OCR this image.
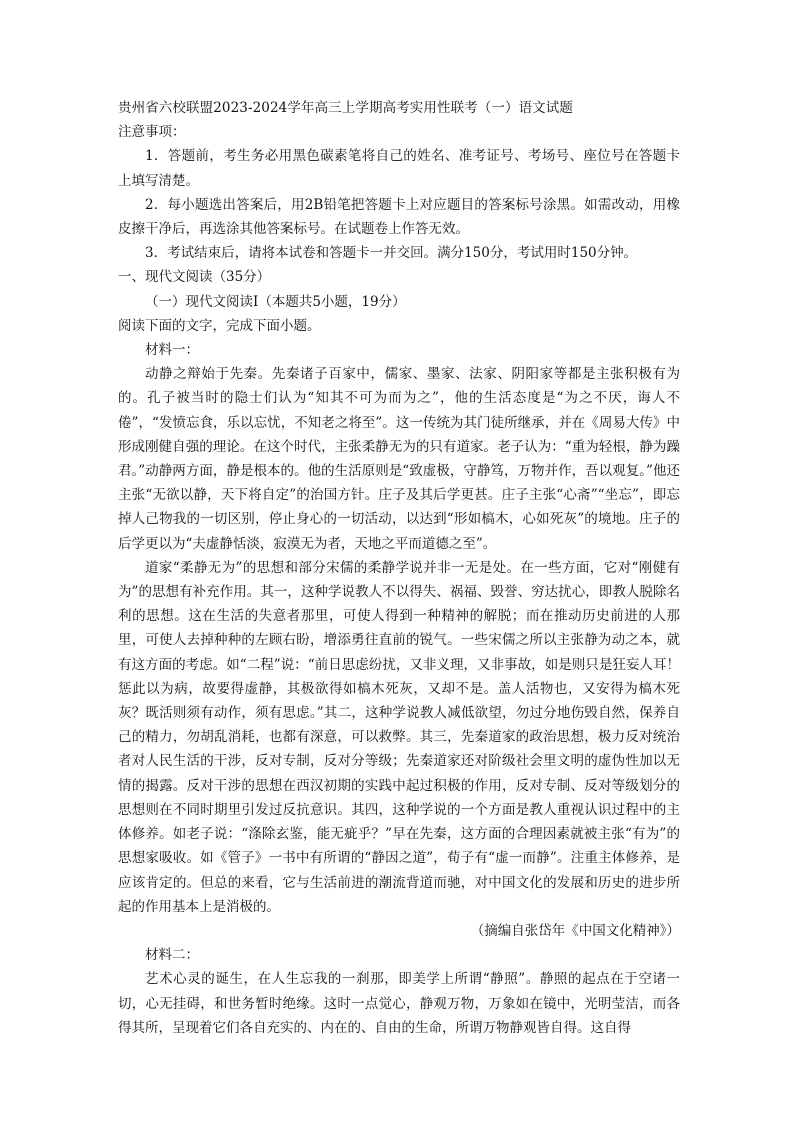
贵州省六校联盟2023-2024学年高三上学期高考实用性联考（一）语文试题
注意事项：
1．答题前，考生务必用黑色碳素笔将自己的姓名、准考证号、考场号、座位号在答题卡上填写清楚。
2．每小题选出答案后，用2B铅笔把答题卡上对应题目的答案标号涂黑。如需改动，用橡皮擦干净后，再选涂其他答案标号。在试题卷上作答无效。
3．考试结束后，请将本试卷和答题卡一并交回。满分150分，考试用时150分钟。
一、现代文阅读（35分）
（一）现代文阅读Ⅰ（本题共5小题，19分）
阅读下面的文字，完成下面小题。
材料一：
动静之辩始于先秦。先秦诸子百家中，儒家、墨家、法家、阴阳家等都是主张积极有为的。孔子被当时的隐士们认为“知其不可为而为之”，他的生活态度是“为之不厌，诲人不倦”，“发愤忘食，乐以忘忧，不知老之将至”。这一传统为其门徒所继承，并在《周易大传》中形成刚健自强的理论。在这个时代，主张柔静无为的只有道家。老子认为：“重为轻根，静为躁君。”动静两方面，静是根本的。他的生活原则是“致虚极，守静笃，万物并作，吾以观复。”他还主张“无欲以静，天下将自定”的治国方针。庄子及其后学更甚。庄子主张“心斋”“坐忘”，即忘掉人己物我的一切区别，停止身心的一切活动，以达到“形如槁木，心如死灰”的境地。庄子的后学更以为“夫虚静恬淡，寂漠无为者，天地之平而道德之至”。
道家“柔静无为”的思想和部分宋儒的柔静学说并非一无是处。在一些方面，它对“刚健有为”的思想有补充作用。其一，这种学说教人不以得失、祸福、毁誉、穷达扰心，即教人脱除名利的思想。这在生活的失意者那里，可使人得到一种精神的解脱；而在推动历史前进的人那里，可使人去掉种种的左顾右盼，增添勇往直前的锐气。一些宋儒之所以主张静为动之本，就有这方面的考虑。如“二程”说：“前日思虑纷扰，又非义理，又非事故，如是则只是狂妄人耳！惩此以为病，故要得虚静，其极欲得如槁木死灰，又却不是。盖人活物也，又安得为槁木死灰？既活则须有动作，须有思虑。”其二，这种学说教人减低欲望，勿过分地伤毁自然，保养自己的精力，勿胡乱消耗，也都有深意，可以救弊。其三，先秦道家的政治思想，极力反对统治者对人民生活的干涉，反对专制，反对分等级；先秦道家还对阶级社会里文明的虚伪性加以无情的揭露。反对干涉的思想在西汉初期的实践中起过积极的作用，反对专制、反对等级划分的思想则在不同时期里引发过反抗意识。其四，这种学说的一个方面是教人重视认识过程中的主体修养。如老子说：“涤除玄鉴，能无疵乎？”早在先秦，这方面的合理因素就被主张“有为”的思想家吸收。如《管子》一书中有所谓的“静因之道”，荀子有“虚一而静”。注重主体修养，是应该肯定的。但总的来看，它与生活前进的潮流背道而驰，对中国文化的发展和历史的进步所起的作用基本上是消极的。
（摘编自张岱年《中国文化精神》）
材料二：
艺术心灵的诞生，在人生忘我的一刹那，即美学上所谓“静照”。静照的起点在于空诸一切，心无挂碍，和世务暂时绝缘。这时一点觉心，静观万物，万象如在镜中，光明莹洁，而各得其所，呈现着它们各自充实的、内在的、自由的生命，所谓万物静观皆自得。这自得
